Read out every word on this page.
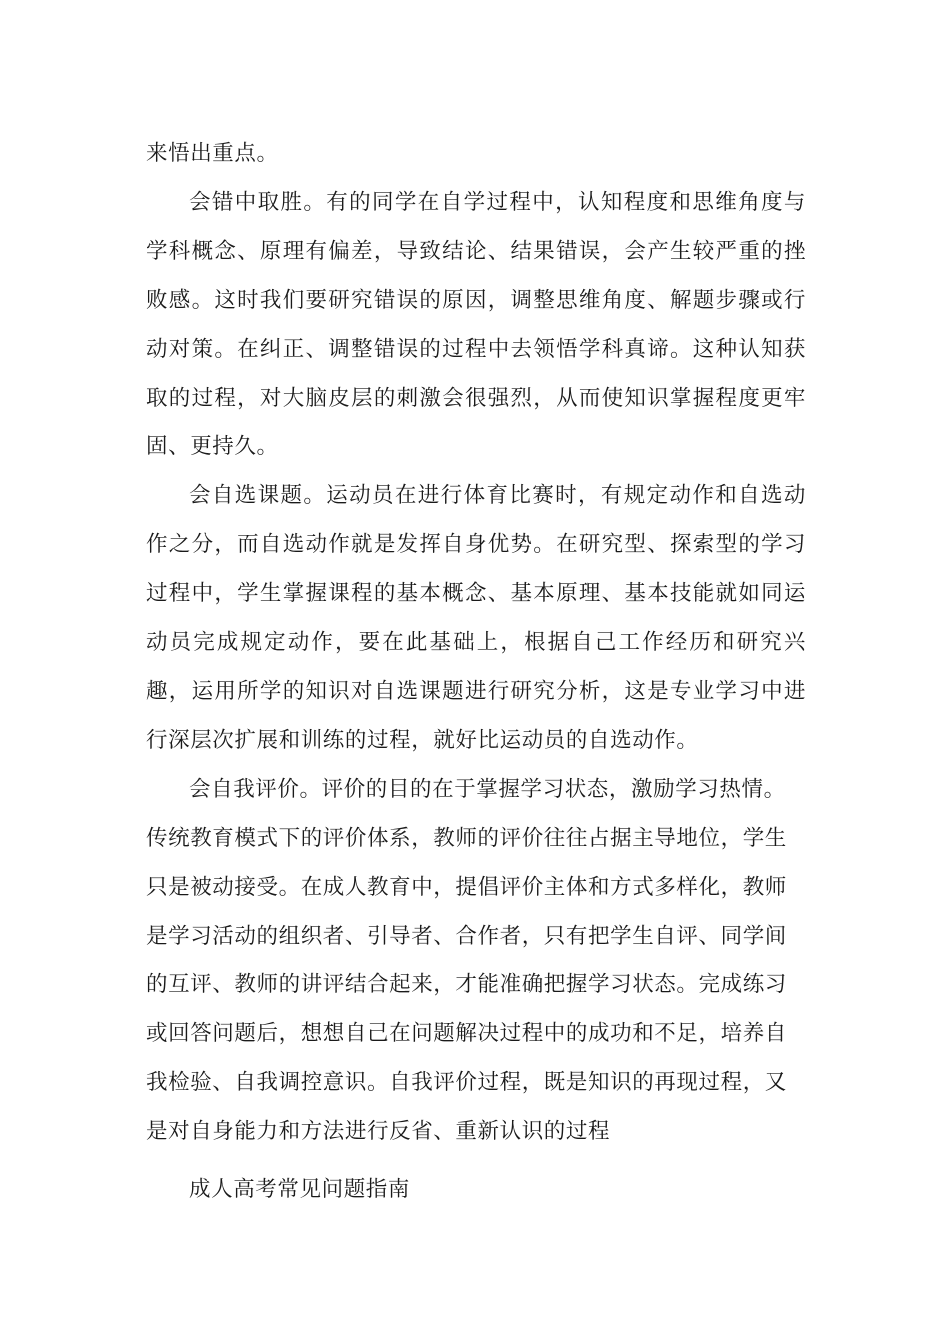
来悟出重点。

会错中取胜。有的同学在自学过程中，认知程度和思维角度与学科概念、原理有偏差，导致结论、结果错误，会产生较严重的挫败感。这时我们要研究错误的原因，调整思维角度、解题步骤或行动对策。在纠正、调整错误的过程中去领悟学科真谛。这种认知获取的过程，对大脑皮层的刺激会很强烈，从而使知识掌握程度更牢固、更持久。

会自选课题。运动员在进行体育比赛时，有规定动作和自选动作之分，而自选动作就是发挥自身优势。在研究型、探索型的学习过程中，学生掌握课程的基本概念、基本原理、基本技能就如同运动员完成规定动作，要在此基础上，根据自己工作经历和研究兴趣，运用所学的知识对自选课题进行研究分析，这是专业学习中进行深层次扩展和训练的过程，就好比运动员的自选动作。

会自我评价。评价的目的在于掌握学习状态，激励学习热情。传统教育模式下的评价体系，教师的评价往往占据主导地位，学生只是被动接受。在成人教育中，提倡评价主体和方式多样化，教师是学习活动的组织者、引导者、合作者，只有把学生自评、同学间的互评、教师的讲评结合起来，才能准确把握学习状态。完成练习或回答问题后，想想自己在问题解决过程中的成功和不足，培养自我检验、自我调控意识。自我评价过程，既是知识的再现过程，又是对自身能力和方法进行反省、重新认识的过程

成人高考常见问题指南
